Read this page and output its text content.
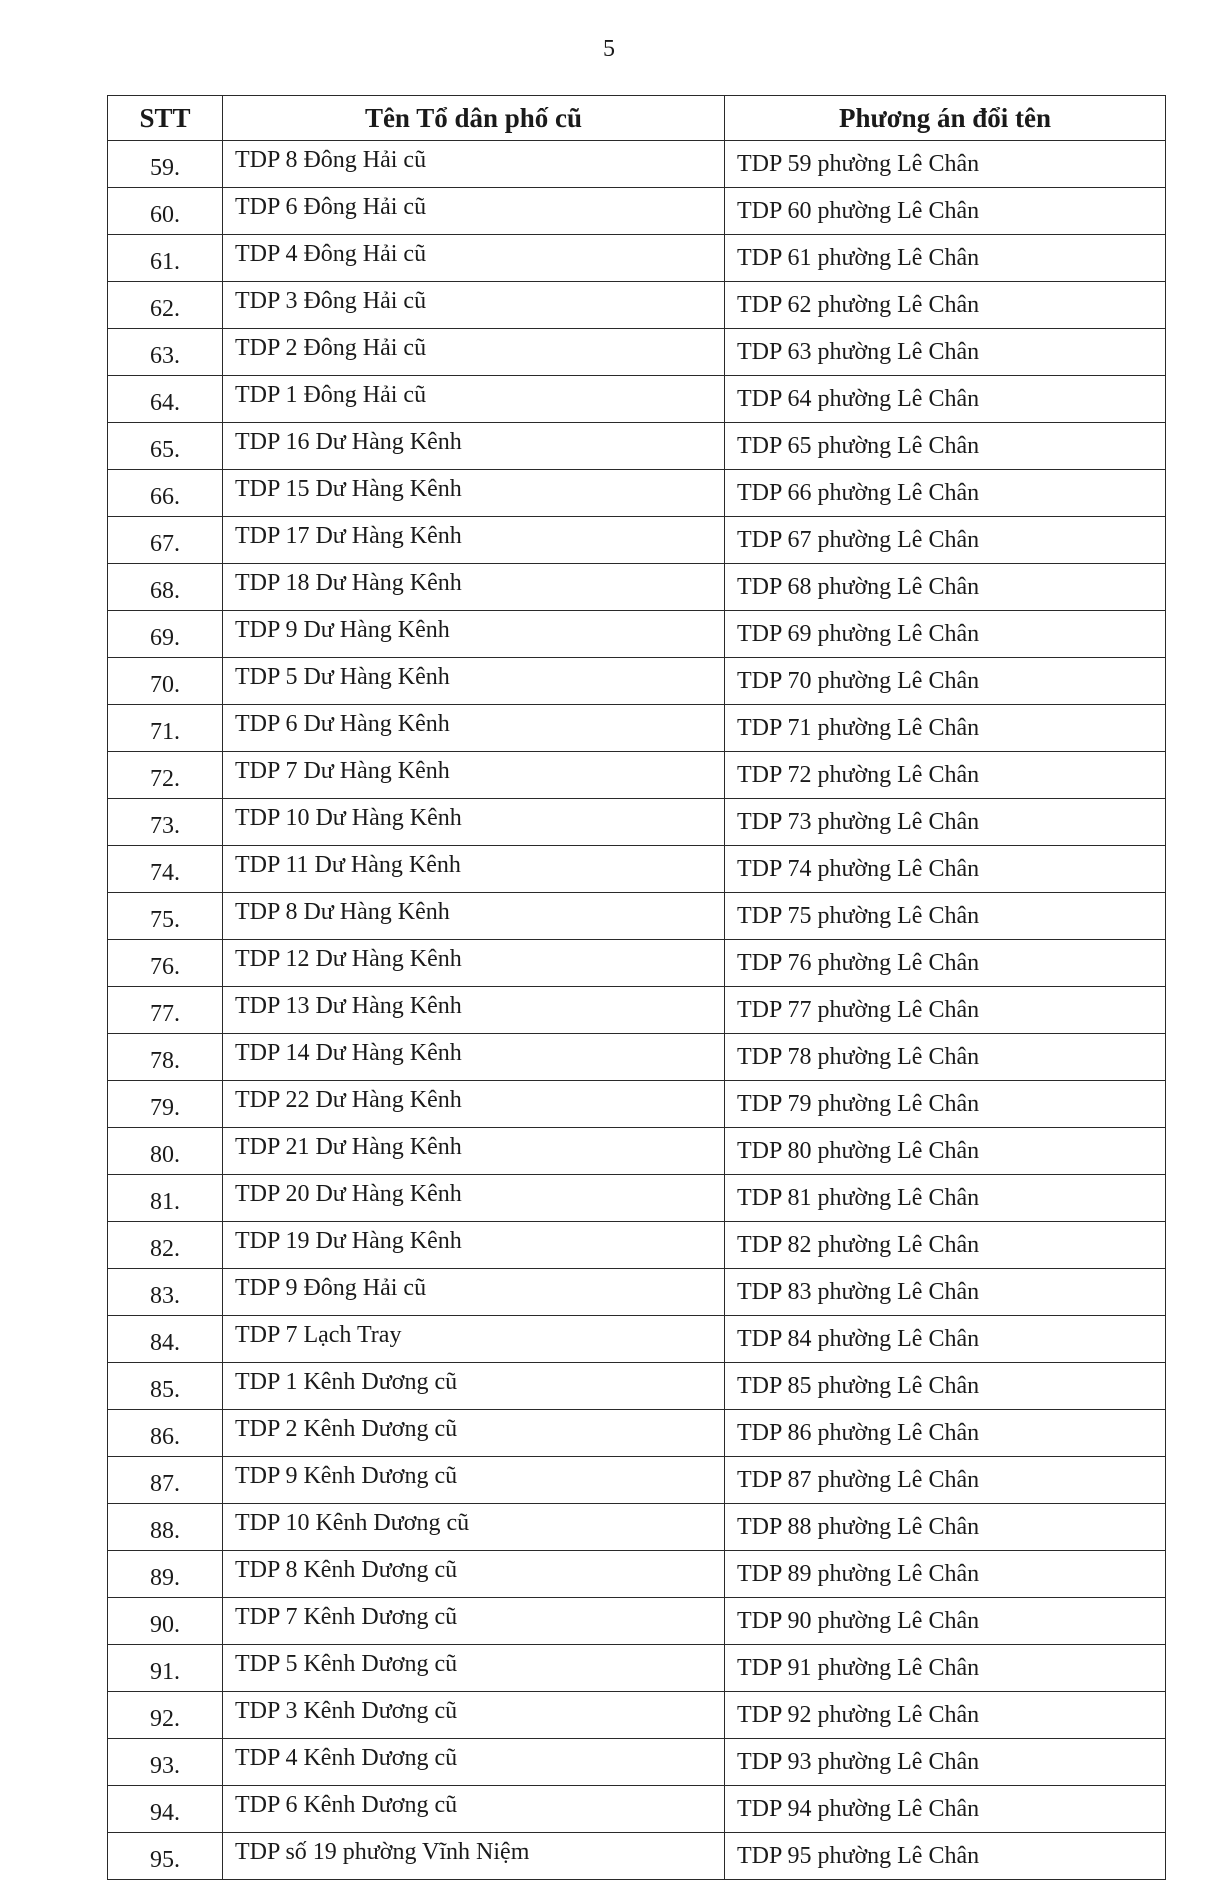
5
STT	Tên Tổ dân phố cũ	Phương án đổi tên
59.	TDP 8 Đông Hải cũ	TDP 59 phường Lê Chân
60.	TDP 6 Đông Hải cũ	TDP 60 phường Lê Chân
61.	TDP 4 Đông Hải cũ	TDP 61 phường Lê Chân
62.	TDP 3 Đông Hải cũ	TDP 62 phường Lê Chân
63.	TDP 2 Đông Hải cũ	TDP 63 phường Lê Chân
64.	TDP 1 Đông Hải cũ	TDP 64 phường Lê Chân
65.	TDP 16 Dư Hàng Kênh	TDP 65 phường Lê Chân
66.	TDP 15 Dư Hàng Kênh	TDP 66 phường Lê Chân
67.	TDP 17 Dư Hàng Kênh	TDP 67 phường Lê Chân
68.	TDP 18 Dư Hàng Kênh	TDP 68 phường Lê Chân
69.	TDP 9 Dư Hàng Kênh	TDP 69 phường Lê Chân
70.	TDP 5 Dư Hàng Kênh	TDP 70 phường Lê Chân
71.	TDP 6 Dư Hàng Kênh	TDP 71 phường Lê Chân
72.	TDP 7 Dư Hàng Kênh	TDP 72 phường Lê Chân
73.	TDP 10 Dư Hàng Kênh	TDP 73 phường Lê Chân
74.	TDP 11 Dư Hàng Kênh	TDP 74 phường Lê Chân
75.	TDP 8 Dư Hàng Kênh	TDP 75 phường Lê Chân
76.	TDP 12 Dư Hàng Kênh	TDP 76 phường Lê Chân
77.	TDP 13 Dư Hàng Kênh	TDP 77 phường Lê Chân
78.	TDP 14 Dư Hàng Kênh	TDP 78 phường Lê Chân
79.	TDP 22 Dư Hàng Kênh	TDP 79 phường Lê Chân
80.	TDP 21 Dư Hàng Kênh	TDP 80 phường Lê Chân
81.	TDP 20 Dư Hàng Kênh	TDP 81 phường Lê Chân
82.	TDP 19 Dư Hàng Kênh	TDP 82 phường Lê Chân
83.	TDP 9 Đông Hải cũ	TDP 83 phường Lê Chân
84.	TDP 7 Lạch Tray	TDP 84 phường Lê Chân
85.	TDP 1 Kênh Dương cũ	TDP 85 phường Lê Chân
86.	TDP 2 Kênh Dương cũ	TDP 86 phường Lê Chân
87.	TDP 9 Kênh Dương cũ	TDP 87 phường Lê Chân
88.	TDP 10 Kênh Dương cũ	TDP 88 phường Lê Chân
89.	TDP 8 Kênh Dương cũ	TDP 89 phường Lê Chân
90.	TDP 7 Kênh Dương cũ	TDP 90 phường Lê Chân
91.	TDP 5 Kênh Dương cũ	TDP 91 phường Lê Chân
92.	TDP 3 Kênh Dương cũ	TDP 92 phường Lê Chân
93.	TDP 4 Kênh Dương cũ	TDP 93 phường Lê Chân
94.	TDP 6 Kênh Dương cũ	TDP 94 phường Lê Chân
95.	TDP số 19 phường Vĩnh Niệm	TDP 95 phường Lê Chân
